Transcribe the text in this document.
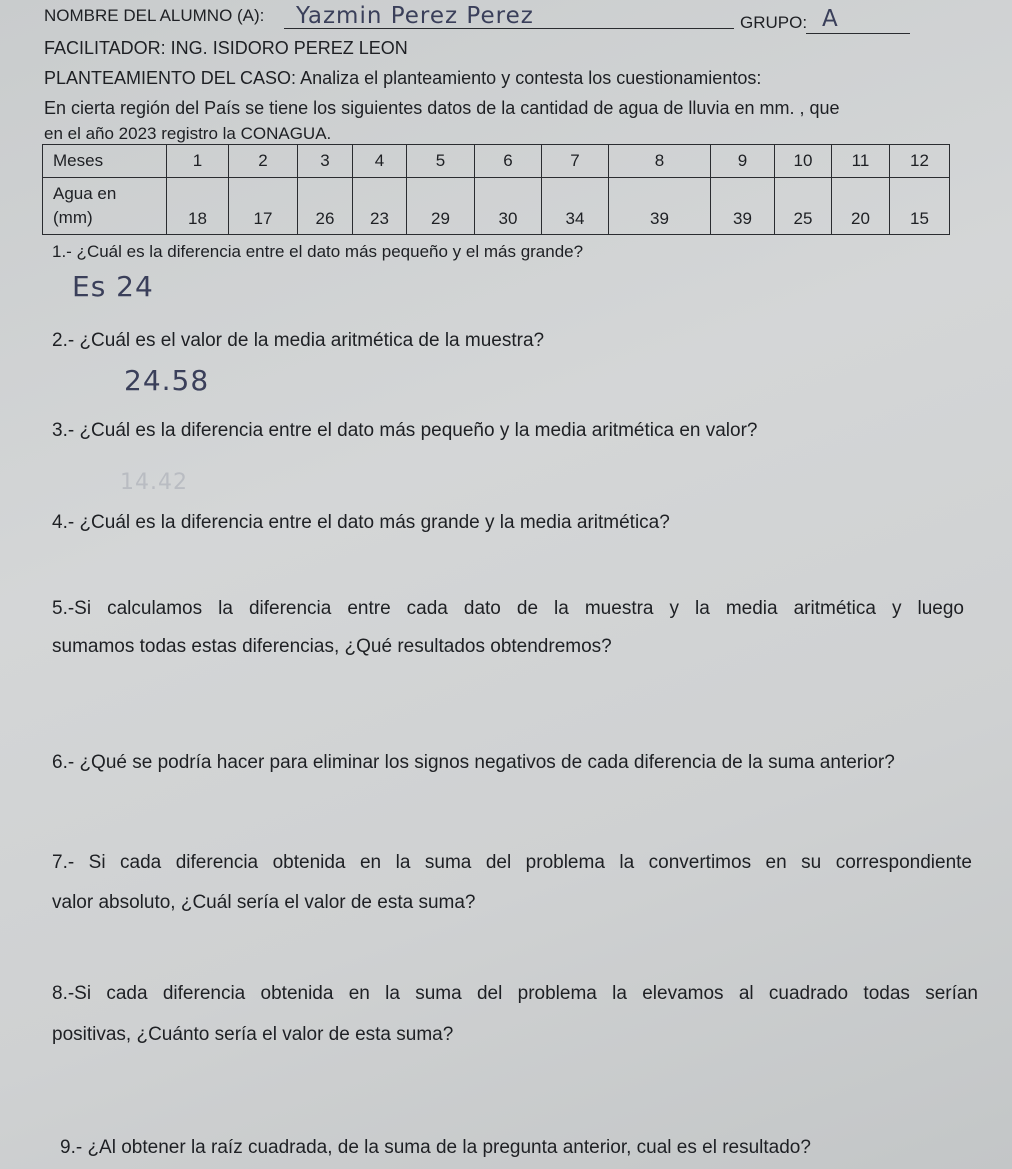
NOMBRE DEL ALUMNO (A): Yazmin Perez Perez	GRUPO: A
FACILITADOR: ING. ISIDORO PEREZ LEON
PLANTEAMIENTO DEL CASO: Analiza el planteamiento y contesta los cuestionamientos:
En cierta región del País se tiene los siguientes datos de la cantidad de agua de lluvia en mm. , que
en el año 2023 registro la CONAGUA.
Meses	1	2	3	4	5	6	7	8	9	10	11	12

Agua en
(mm)	18	17	26	23	29	30	34	39	39	25	20	15
1.- ¿Cuál es la diferencia entre el dato más pequeño y el más grande?
Es 24
2.- ¿Cuál es el valor de la media aritmética de la muestra?
24.58
3.- ¿Cuál es la diferencia entre el dato más pequeño y la media aritmética en valor?
14.42
4.- ¿Cuál es la diferencia entre el dato más grande y la media aritmética?
5.-Si calculamos la diferencia entre cada dato de la muestra y la media aritmética y luego
sumamos todas estas diferencias, ¿Qué resultados obtendremos?
6.- ¿Qué se podría hacer para eliminar los signos negativos de cada diferencia de la suma anterior?
7.- Si cada diferencia obtenida en la suma del problema la convertimos en su correspondiente
valor absoluto, ¿Cuál sería el valor de esta suma?
8.-Si cada diferencia obtenida en la suma del problema la elevamos al cuadrado todas serían
positivas, ¿Cuánto sería el valor de esta suma?
9.- ¿Al obtener la raíz cuadrada, de la suma de la pregunta anterior, cual es el resultado?
